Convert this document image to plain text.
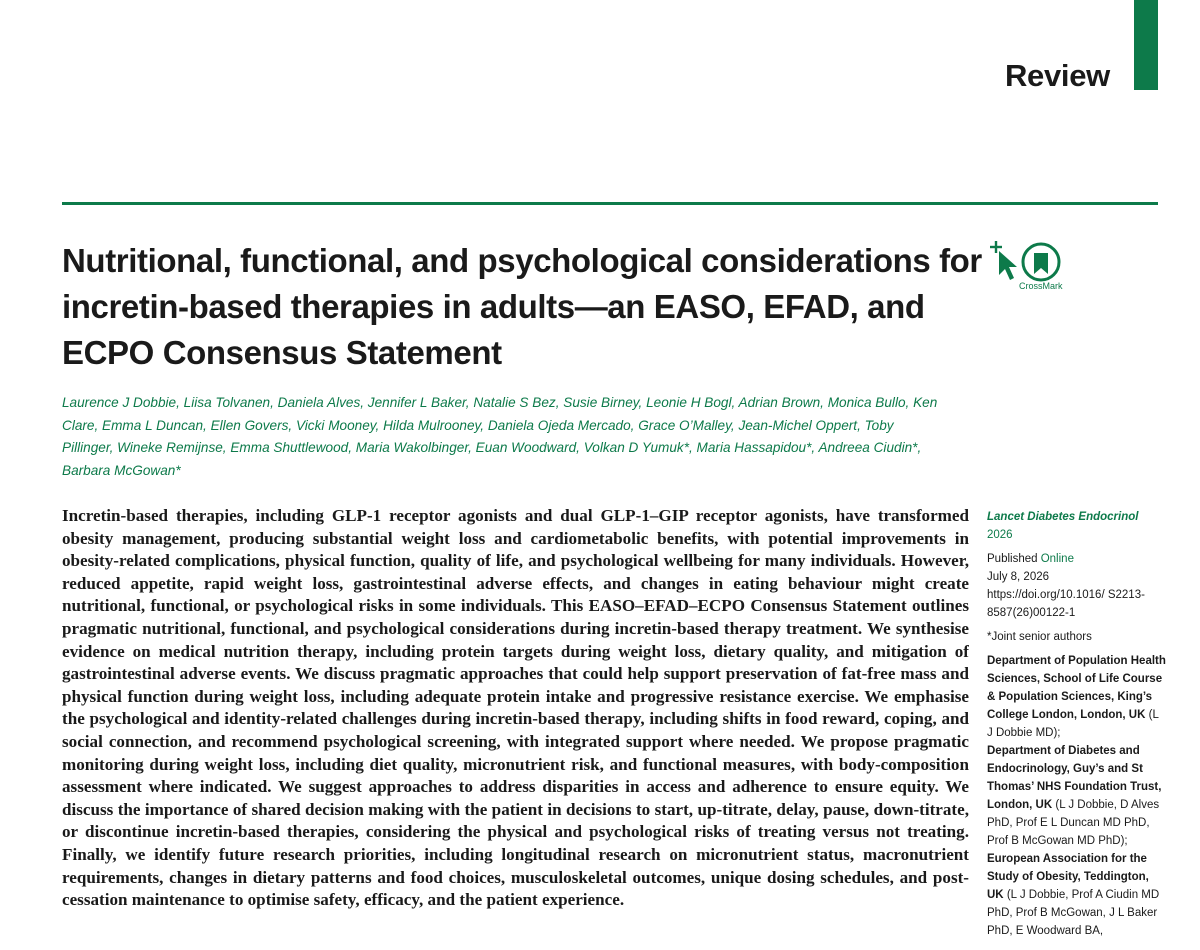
Review
Nutritional, functional, and psychological considerations for incretin-based therapies in adults—an EASO, EFAD, and ECPO Consensus Statement
CrossMark

Laurence J Dobbie, Liisa Tolvanen, Daniela Alves, Jennifer L Baker, Natalie S Bez, Susie Birney, Leonie H Bogl, Adrian Brown, Monica Bullo, Ken Clare, Emma L Duncan, Ellen Govers, Vicki Mooney, Hilda Mulrooney, Daniela Ojeda Mercado, Grace O’Malley, Jean-Michel Oppert, Toby Pillinger, Wineke Remijnse, Emma Shuttlewood, Maria Wakolbinger, Euan Woodward, Volkan D Yumuk*, Maria Hassapidou*, Andreea Ciudin*, Barbara McGowan*

Incretin-based therapies, including GLP-1 receptor agonists and dual GLP-1–GIP receptor agonists, have transformed obesity management, producing substantial weight loss and cardiometabolic benefits, with potential improvements in obesity-related complications, physical function, quality of life, and psychological wellbeing for many individuals. However, reduced appetite, rapid weight loss, gastrointestinal adverse effects, and changes in eating behaviour might create nutritional, functional, or psychological risks in some individuals. This EASO–EFAD–ECPO Consensus Statement outlines pragmatic nutritional, functional, and psychological considerations during incretin-based therapy treatment. We synthesise evidence on medical nutrition therapy, including protein targets during weight loss, dietary quality, and mitigation of gastrointestinal adverse events. We discuss pragmatic approaches that could help support preservation of fat-free mass and physical function during weight loss, including adequate protein intake and progressive resistance exercise. We emphasise the psychological and identity-related challenges during incretin-based therapy, including shifts in food reward, coping, and social connection, and recommend psychological screening, with integrated support where needed. We propose pragmatic monitoring during weight loss, including diet quality, micronutrient risk, and functional measures, with body-composition assessment where indicated. We suggest approaches to address disparities in access and adherence to ensure equity. We discuss the importance of shared decision making with the patient in decisions to start, up-titrate, delay, pause, down-titrate, or discontinue incretin-based therapies, considering the physical and psychological risks of treating versus not treating. Finally, we identify future research priorities, including longitudinal research on micronutrient status, macronutrient requirements, changes in dietary patterns and food choices, musculoskeletal outcomes, unique dosing schedules, and post-cessation maintenance to optimise safety, efficacy, and the patient experience.

Lancet Diabetes Endocrinol 2026
Published Online
July 8, 2026
https://doi.org/10.1016/ S2213-8587(26)00122-1
*Joint senior authors
Department of Population Health Sciences, School of Life Course & Population Sciences, King’s College London, London, UK (L J Dobbie MD);
Department of Diabetes and Endocrinology, Guy’s and St Thomas’ NHS Foundation Trust, London, UK (L J Dobbie, D Alves PhD, Prof E L Duncan MD PhD, Prof B McGowan MD PhD);
European Association for the Study of Obesity, Teddington, UK (L J Dobbie, Prof A Ciudin MD PhD, Prof B McGowan, J L Baker PhD, E Woodward BA,
